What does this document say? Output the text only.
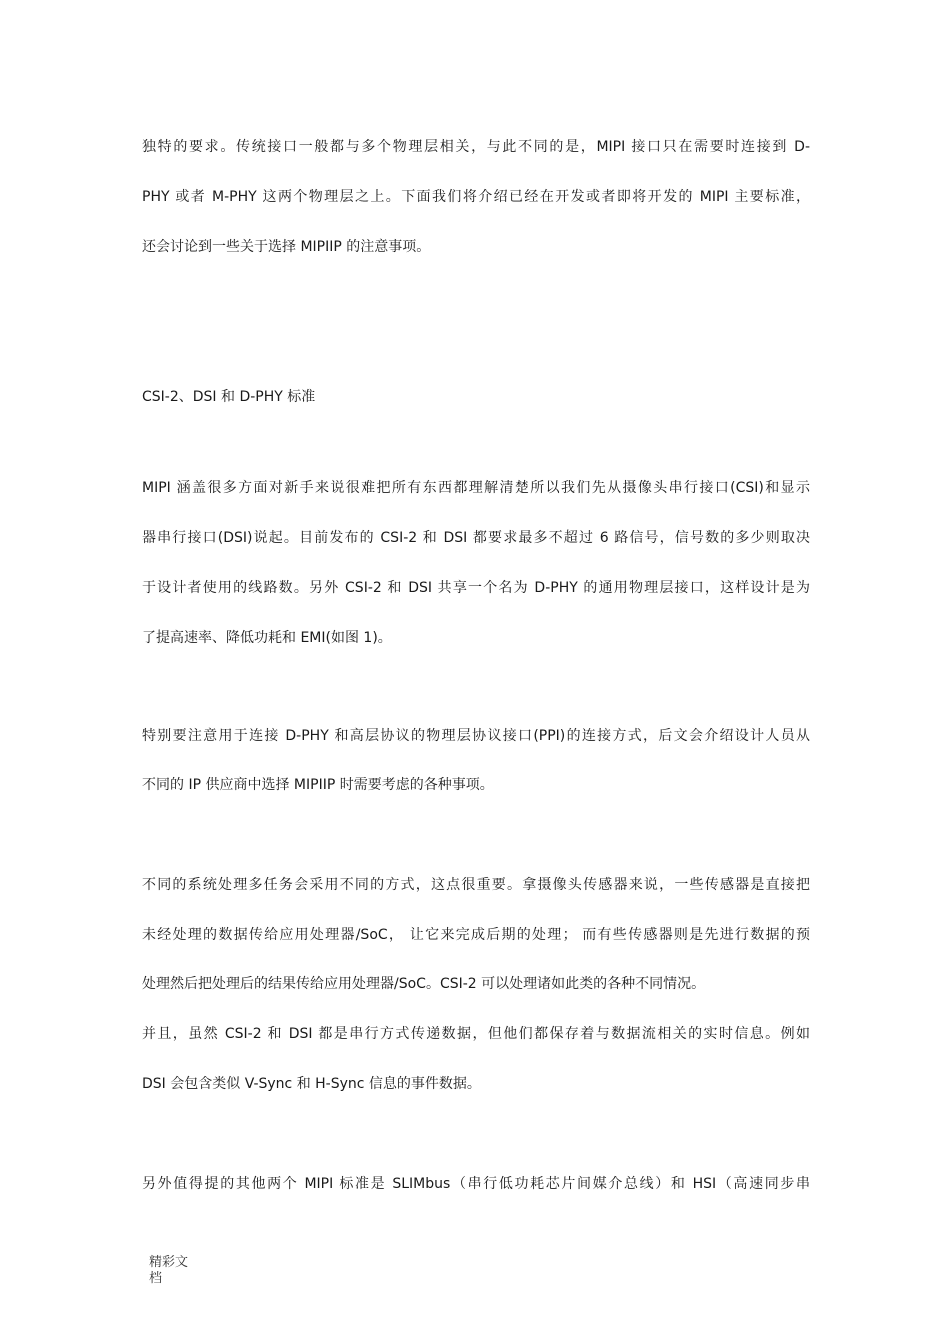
独特的要求。传统接口一般都与多个物理层相关，与此不同的是，MIPI 接口只在需要时连接到 D-
PHY 或者 M-PHY 这两个物理层之上。下面我们将介绍已经在开发或者即将开发的 MIPI 主要标准，
还会讨论到一些关于选择 MIPIIP 的注意事项。
CSI-2、DSI 和 D-PHY 标准
MIPI 涵盖很多方面对新手来说很难把所有东西都理解清楚所以我们先从摄像头串行接口(CSI)和显示
器串行接口(DSI)说起。目前发布的 CSI-2 和 DSI 都要求最多不超过 6 路信号，信号数的多少则取决
于设计者使用的线路数。另外 CSI-2 和 DSI 共享一个名为 D-PHY 的通用物理层接口，这样设计是为
了提高速率、降低功耗和 EMI(如图 1)。
特别要注意用于连接 D-PHY 和高层协议的物理层协议接口(PPI)的连接方式，后文会介绍设计人员从
不同的 IP 供应商中选择 MIPIIP 时需要考虑的各种事项。
不同的系统处理多任务会采用不同的方式，这点很重要。拿摄像头传感器来说，一些传感器是直接把
未经处理的数据传给应用处理器/SoC， 让它来完成后期的处理； 而有些传感器则是先进行数据的预
处理然后把处理后的结果传给应用处理器/SoC。CSI-2 可以处理诸如此类的各种不同情况。
并且，虽然 CSI-2 和 DSI 都是串行方式传递数据，但他们都保存着与数据流相关的实时信息。例如
DSI 会包含类似 V-Sync 和 H-Sync 信息的事件数据。
另外值得提的其他两个 MIPI 标准是 SLIMbus（串行低功耗芯片间媒介总线）和 HSI（高速同步串
精彩文档
